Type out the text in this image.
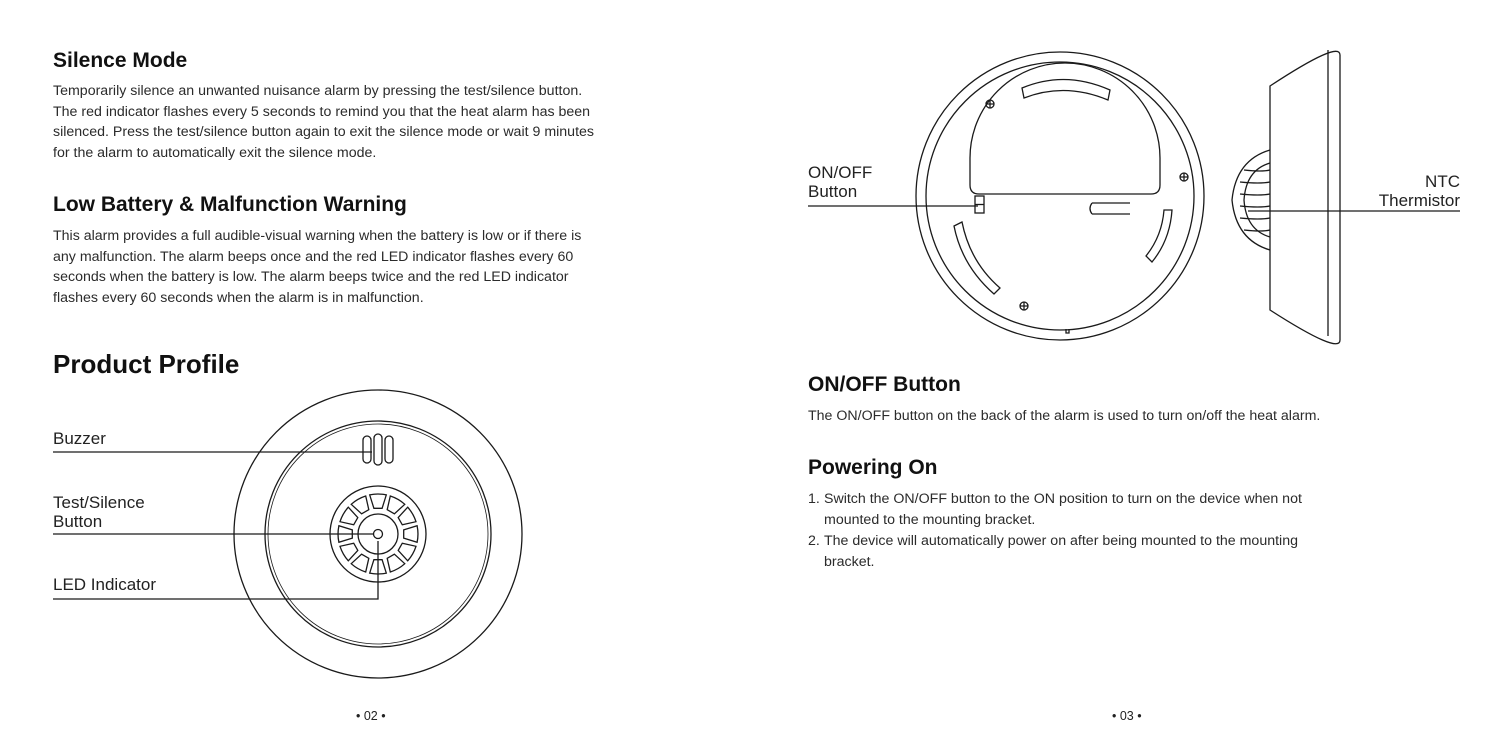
Silence Mode
Temporarily silence an unwanted nuisance alarm by pressing the test/silence button.
The red indicator flashes every 5 seconds to remind you that the heat alarm has been
silenced. Press the test/silence button again to exit the silence mode or wait 9 minutes
for the alarm to automatically exit the silence mode.
Low Battery & Malfunction Warning
This alarm provides a full audible-visual warning when the battery is low or if there is
any malfunction. The alarm beeps once and the red LED indicator flashes every 60
seconds when the battery is low. The alarm beeps twice and the red LED indicator
flashes every 60 seconds when the alarm is in malfunction.
Product Profile
Buzzer
Test/Silence
Button
LED Indicator
• 02 •
ON/OFF
Button
NTC
Thermistor
ON/OFF Button
The ON/OFF button on the back of the alarm is used to turn on/off the heat alarm.
Powering On
1. Switch the ON/OFF button to the ON position to turn on the device when not
mounted to the mounting bracket.
2. The device will automatically power on after being mounted to the mounting
bracket.
• 03 •
